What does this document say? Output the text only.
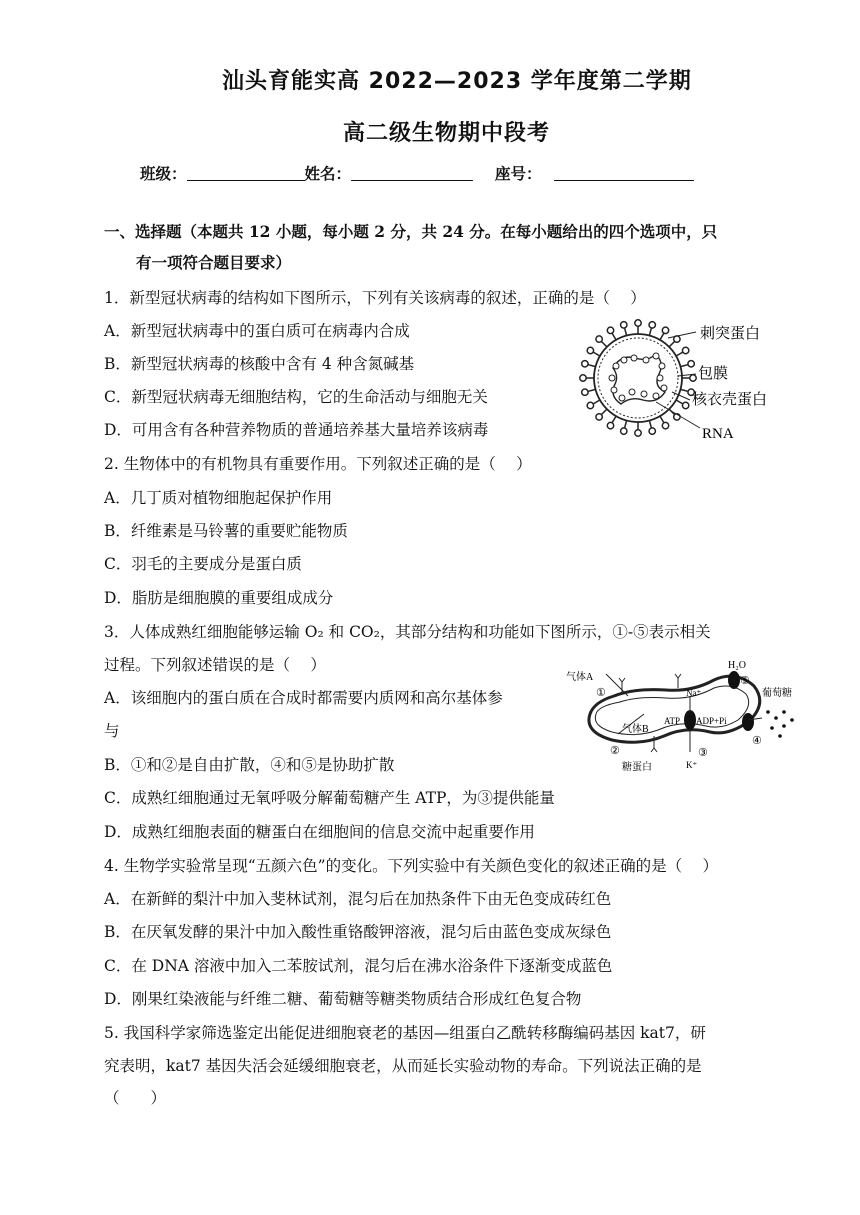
汕头育能实高 2022—2023 学年度第二学期
高二级生物期中段考
班级：	姓名：	座号：
一、选择题（本题共 12 小题，每小题 2 分，共 24 分。在每小题给出的四个选项中，只
有一项符合题目要求）
1．新型冠状病毒的结构如下图所示，下列有关该病毒的叙述，正确的是（　 ）
A．新型冠状病毒中的蛋白质可在病毒内合成
B．新型冠状病毒的核酸中含有 4 种含氮碱基
C．新型冠状病毒无细胞结构，它的生命活动与细胞无关
D．可用含有各种营养物质的普通培养基大量培养该病毒
刺突蛋白
包膜
核衣壳蛋白
RNA
2. 生物体中的有机物具有重要作用。下列叙述正确的是（　 ）
A．几丁质对植物细胞起保护作用
B．纤维素是马铃薯的重要贮能物质
C．羽毛的主要成分是蛋白质
D．脂肪是细胞膜的重要组成成分
3．人体成熟红细胞能够运输 O₂ 和 CO₂，其部分结构和功能如下图所示，①-⑤表示相关
过程。下列叙述错误的是（　 ）
A．该细胞内的蛋白质在合成时都需要内质网和高尔基体参
与
B．①和②是自由扩散，④和⑤是协助扩散
C．成熟红细胞通过无氧呼吸分解葡萄糖产生 ATP，为③提供能量
D．成熟红细胞表面的糖蛋白在细胞间的信息交流中起重要作用
H₂O
⑤
气体A
①
气体B
②
糖蛋白
Na⁺
ATP ADP+Pi
③
K⁺
④
葡萄糖
4. 生物学实验常呈现“五颜六色”的变化。下列实验中有关颜色变化的叙述正确的是（　 ）
A．在新鲜的梨汁中加入斐林试剂，混匀后在加热条件下由无色变成砖红色
B．在厌氧发酵的果汁中加入酸性重铬酸钾溶液，混匀后由蓝色变成灰绿色
C．在 DNA 溶液中加入二苯胺试剂，混匀后在沸水浴条件下逐渐变成蓝色
D．刚果红染液能与纤维二糖、葡萄糖等糖类物质结合形成红色复合物
5. 我国科学家筛选鉴定出能促进细胞衰老的基因—组蛋白乙酰转移酶编码基因 kat7，研
究表明，kat7 基因失活会延缓细胞衰老，从而延长实验动物的寿命。下列说法正确的是
（　　）
